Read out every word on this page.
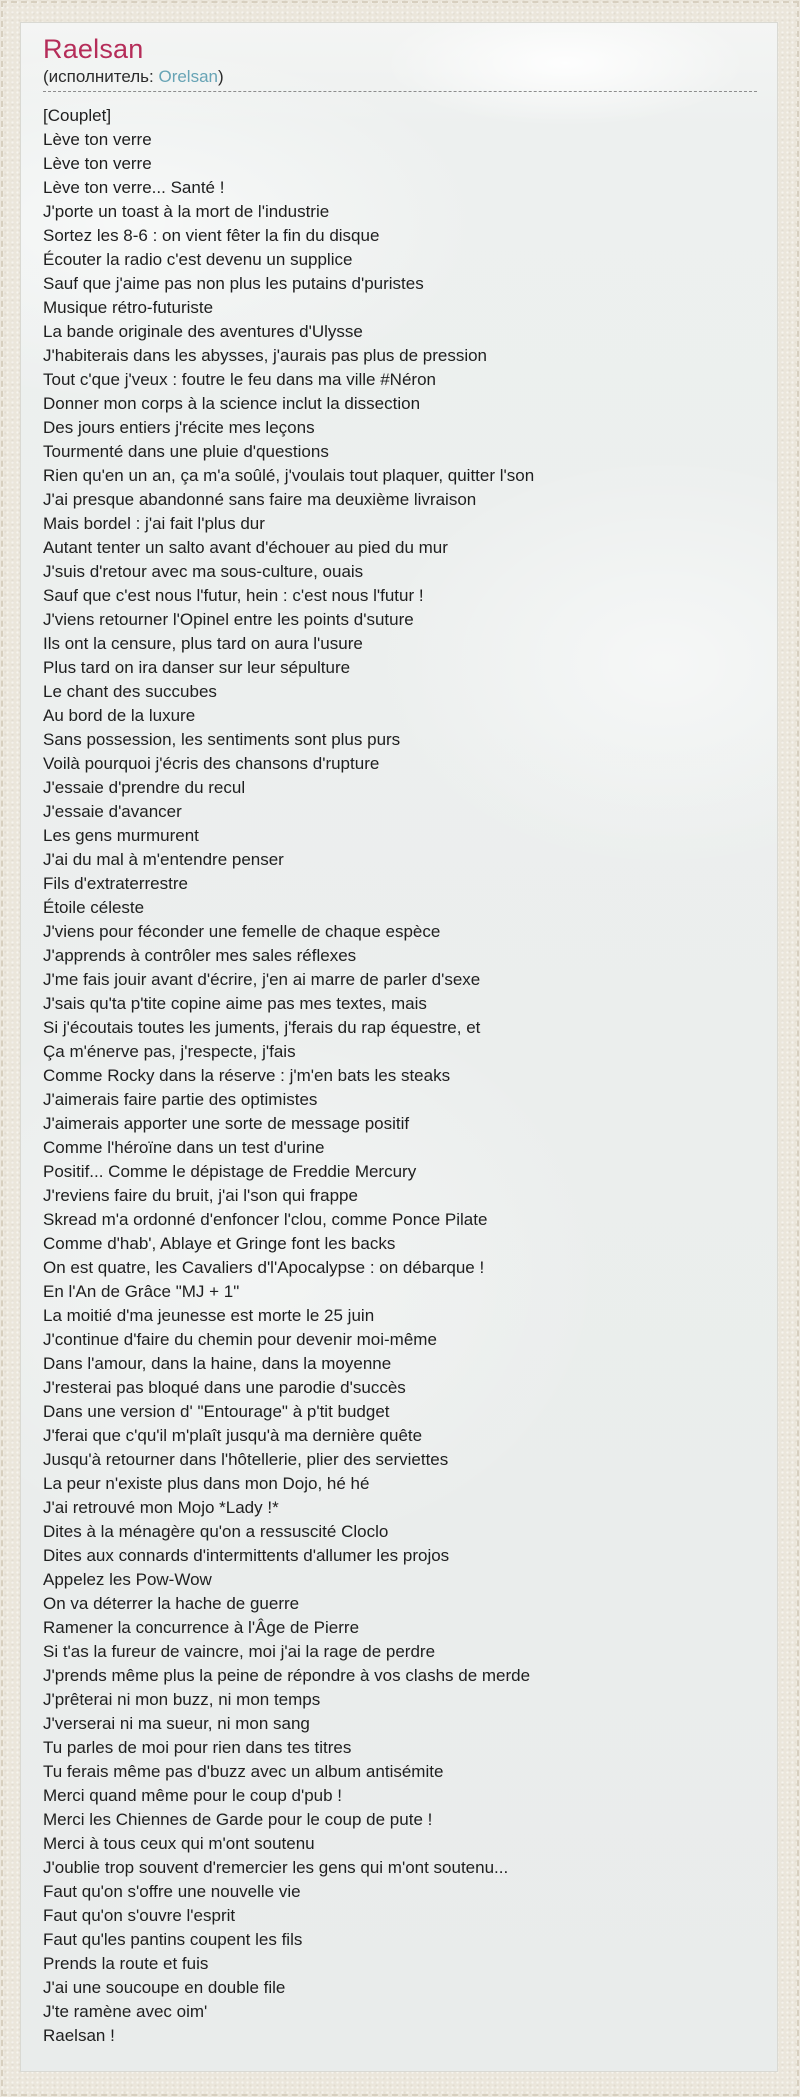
Raelsan
(исполнитель: Orelsan)
[Couplet]
Lève ton verre
Lève ton verre
Lève ton verre... Santé !
J'porte un toast à la mort de l'industrie
Sortez les 8-6 : on vient fêter la fin du disque
Écouter la radio c'est devenu un supplice
Sauf que j'aime pas non plus les putains d'puristes
Musique rétro-futuriste
La bande originale des aventures d'Ulysse
J'habiterais dans les abysses, j'aurais pas plus de pression
Tout c'que j'veux : foutre le feu dans ma ville #Néron
Donner mon corps à la science inclut la dissection
Des jours entiers j'récite mes leçons
Tourmenté dans une pluie d'questions
Rien qu'en un an, ça m'a soûlé, j'voulais tout plaquer, quitter l'son
J'ai presque abandonné sans faire ma deuxième livraison
Mais bordel : j'ai fait l'plus dur
Autant tenter un salto avant d'échouer au pied du mur
J'suis d'retour avec ma sous-culture, ouais
Sauf que c'est nous l'futur, hein : c'est nous l'futur !
J'viens retourner l'Opinel entre les points d'suture
Ils ont la censure, plus tard on aura l'usure
Plus tard on ira danser sur leur sépulture
Le chant des succubes
Au bord de la luxure
Sans possession, les sentiments sont plus purs
Voilà pourquoi j'écris des chansons d'rupture
J'essaie d'prendre du recul
J'essaie d'avancer
Les gens murmurent
J'ai du mal à m'entendre penser
Fils d'extraterrestre
Étoile céleste
J'viens pour féconder une femelle de chaque espèce
J'apprends à contrôler mes sales réflexes
J'me fais jouir avant d'écrire, j'en ai marre de parler d'sexe
J'sais qu'ta p'tite copine aime pas mes textes, mais
Si j'écoutais toutes les juments, j'ferais du rap équestre, et
Ça m'énerve pas, j'respecte, j'fais
Comme Rocky dans la réserve : j'm'en bats les steaks
J'aimerais faire partie des optimistes
J'aimerais apporter une sorte de message positif
Comme l'héroïne dans un test d'urine
Positif... Comme le dépistage de Freddie Mercury
J'reviens faire du bruit, j'ai l'son qui frappe
Skread m'a ordonné d'enfoncer l'clou, comme Ponce Pilate
Comme d'hab', Ablaye et Gringe font les backs
On est quatre, les Cavaliers d'l'Apocalypse : on débarque !
En l'An de Grâce "MJ + 1"
La moitié d'ma jeunesse est morte le 25 juin
J'continue d'faire du chemin pour devenir moi-même
Dans l'amour, dans la haine, dans la moyenne
J'resterai pas bloqué dans une parodie d'succès
Dans une version d' "Entourage" à p'tit budget
J'ferai que c'qu'il m'plaît jusqu'à ma dernière quête
Jusqu'à retourner dans l'hôtellerie, plier des serviettes
La peur n'existe plus dans mon Dojo, hé hé
J'ai retrouvé mon Mojo *Lady !*
Dites à la ménagère qu'on a ressuscité Cloclo
Dites aux connards d'intermittents d'allumer les projos
Appelez les Pow-Wow
On va déterrer la hache de guerre
Ramener la concurrence à l'Âge de Pierre
Si t'as la fureur de vaincre, moi j'ai la rage de perdre
J'prends même plus la peine de répondre à vos clashs de merde
J'prêterai ni mon buzz, ni mon temps
J'verserai ni ma sueur, ni mon sang
Tu parles de moi pour rien dans tes titres
Tu ferais même pas d'buzz avec un album antisémite
Merci quand même pour le coup d'pub !
Merci les Chiennes de Garde pour le coup de pute !
Merci à tous ceux qui m'ont soutenu
J'oublie trop souvent d'remercier les gens qui m'ont soutenu...
Faut qu'on s'offre une nouvelle vie
Faut qu'on s'ouvre l'esprit
Faut qu'les pantins coupent les fils
Prends la route et fuis
J'ai une soucoupe en double file
J'te ramène avec oim'
Raelsan !
